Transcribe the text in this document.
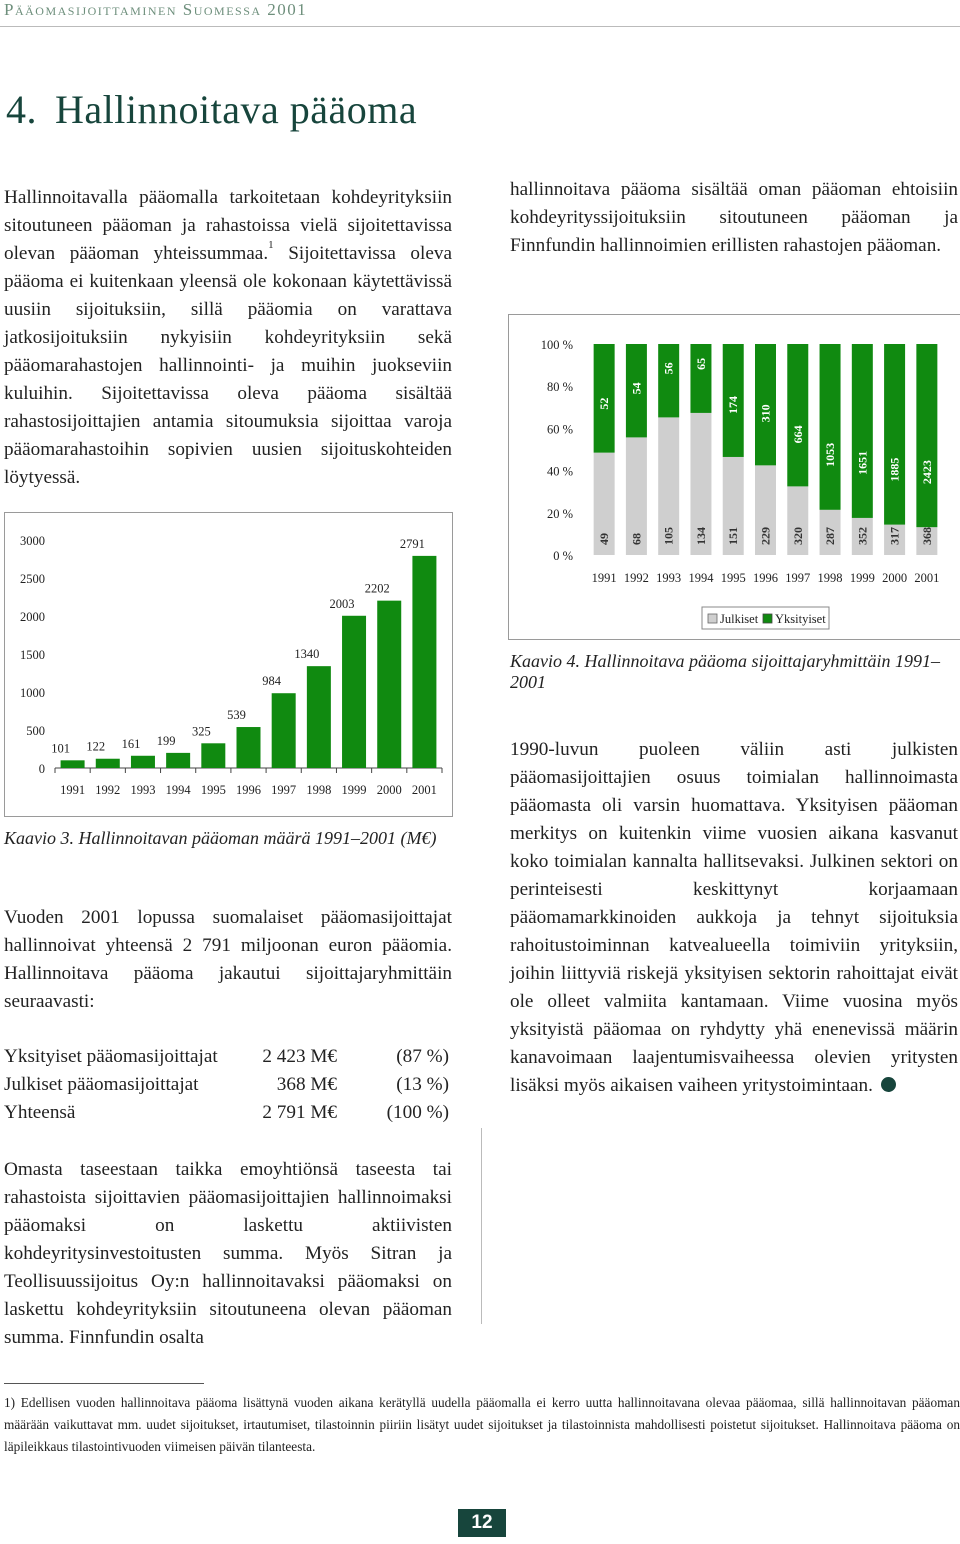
Pääomasijoittaminen Suomessa 2001
4. Hallinnoitava pääoma

Hallinnoitavalla pääomalla tarkoitetaan kohdeyrityksiin sitoutuneen pääoman ja rahastoissa vielä sijoitettavissa olevan pääoman yhteissummaa.$^1$ Sijoitettavissa oleva pääoma ei kuitenkaan yleensä ole kokonaan käytettävissä uusiin sijoituksiin, sillä pääomia on varattava jatkosijoituksiin nykyisiin kohdeyrityksiin sekä pääomarahastojen hallinnointi- ja muihin juokseviin kuluihin. Sijoitettavissa oleva pääoma sisältää rahastosijoittajien antamia sitoumuksia sijoittaa varoja pääomarahastoihin sopivien uusien sijoituskohteiden löytyessä.

0
500
1000
1500
2000
2500
3000
101
1991
122
1992
161
1993
199
1994
325
1995
539
1996
984
1997
1340
1998
2003
1999
2202
2000
2791
2001
Kaavio 3. Hallinnoitavan pääoman määrä 1991–2001 (M€)

Vuoden 2001 lopussa suomalaiset pääomasijoittajat hallinnoivat yhteensä 2 791 miljoonan euron pääomia. Hallinnoitava pääoma jakautui sijoittajaryhmittäin seuraavasti:

Yksityiset pääomasijoittajat 2 423 M€	(87 %)
Julkiset pääomasijoittajat	368 M€	(13 %)
Yhteensä	2 791 M€	(100 %)

Omasta taseestaan taikka emoyhtiönsä taseesta tai rahastoista sijoittavien pääomasijoittajien hallinnoimaksi pääomaksi on laskettu aktiivisten kohdeyritysinvestoitusten summa. Myös Sitran ja Teollisuussijoitus Oy:n hallinnoitavaksi pääomaksi on laskettu kohdeyrityksiin sitoutuneena olevan pääoman summa. Finnfundin osalta

hallinnoitava pääoma sisältää oman pääoman ehtoisiin kohdeyrityssijoituksiin sitoutuneen pääoman ja Finnfundin hallinnoimien erillisten rahastojen pääoman.

0 %
20 %
40 %
60 %
80 %
100 %
49
52
1991
68
54
1992
105
56
1993
134
65
1994
151
174
1995
229
310
1996
320
664
1997
287
1053
1998
352
1651
1999
317
1885
2000
368
2423
2001
Julkiset Yksityiset
Kaavio 4. Hallinnoitava pääoma sijoittajaryhmittäin 1991–2001

1990-luvun puoleen väliin asti julkisten pääomasijoittajien osuus toimialan hallinnoimasta pääomasta oli varsin huomattava. Yksityisen pääoman merkitys on kuitenkin viime vuosien aikana kasvanut koko toimialan kannalta hallitsevaksi. Julkinen sektori on perinteisesti keskittynyt korjaamaan pääomamarkkinoiden aukkoja ja tehnyt sijoituksia rahoitustoiminnan katvealueella toimiviin yrityksiin, joihin liittyviä riskejä yksityisen sektorin rahoittajat eivät ole olleet valmiita kantamaan. Viime vuosina myös yksityistä pääomaa on ryhdytty yhä enenevissä määrin kanavoimaan laajentumisvaiheessa olevien yritysten lisäksi myös aikaisen vaiheen yritystoimintaan.

1) Edellisen vuoden hallinnoitava pääoma lisättynä vuoden aikana kerätyllä uudella pääomalla ei kerro uutta hallinnoitavana olevaa pääomaa, sillä hallinnoitavan pääoman määrään vaikuttavat mm. uudet sijoitukset, irtautumiset, tilastoinnin piiriin lisätyt uudet sijoitukset ja tilastoinnista mahdollisesti poistetut sijoitukset. Hallinnoitava pääoma on läpileikkaus tilastointivuoden viimeisen päivän tilanteesta.
12
